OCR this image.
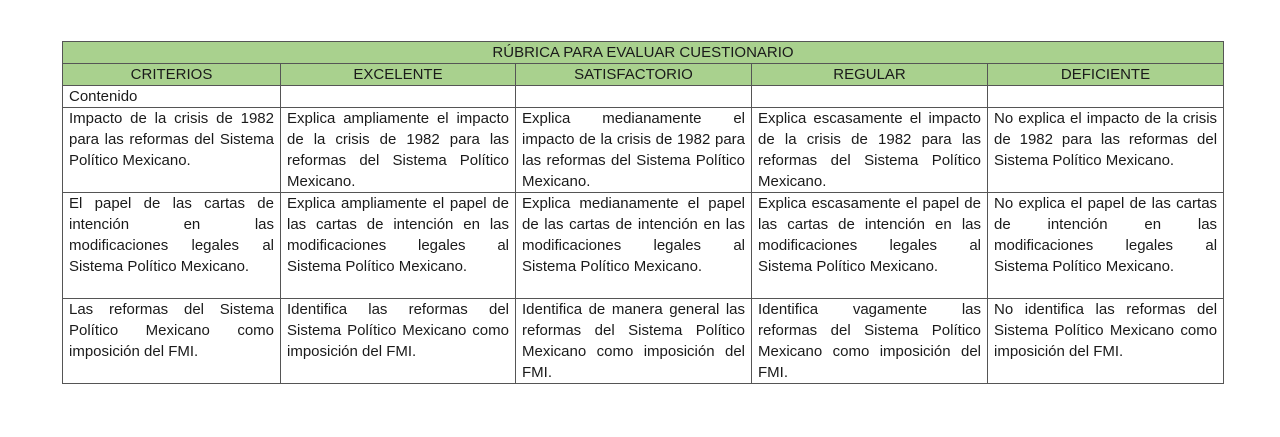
RÚBRICA PARA EVALUAR CUESTIONARIO				
CRITERIOS	EXCELENTE	SATISFACTORIO	REGULAR	DEFICIENTE
Contenido				
Impacto de la crisis de 1982 para las reformas del Sistema Político Mexicano.	Explica ampliamente el impacto de la crisis de 1982 para las reformas del Sistema Político Mexicano.	Explica medianamente el impacto de la crisis de 1982 para las reformas del Sistema Político Mexicano.	Explica escasamente el impacto de la crisis de 1982 para las reformas del Sistema Político Mexicano.	No explica el impacto de la crisis de 1982 para las reformas del Sistema Político Mexicano.
El papel de las cartas de intención en las modificaciones legales al Sistema Político Mexicano.	Explica ampliamente el papel de las cartas de intención en las modificaciones legales al Sistema Político Mexicano.	Explica medianamente el papel de las cartas de intención en las modificaciones legales al Sistema Político Mexicano.	Explica escasamente el papel de las cartas de intención en las modificaciones legales al Sistema Político Mexicano.	No explica el papel de las cartas de intención en las modificaciones legales al Sistema Político Mexicano.
Las reformas del Sistema Político Mexicano como imposición del FMI.	Identifica las reformas del Sistema Político Mexicano como imposición del FMI.	Identifica de manera general las reformas del Sistema Político Mexicano como imposición del FMI.	Identifica vagamente las reformas del Sistema Político Mexicano como imposición del FMI.	No identifica las reformas del Sistema Político Mexicano como imposición del FMI.
